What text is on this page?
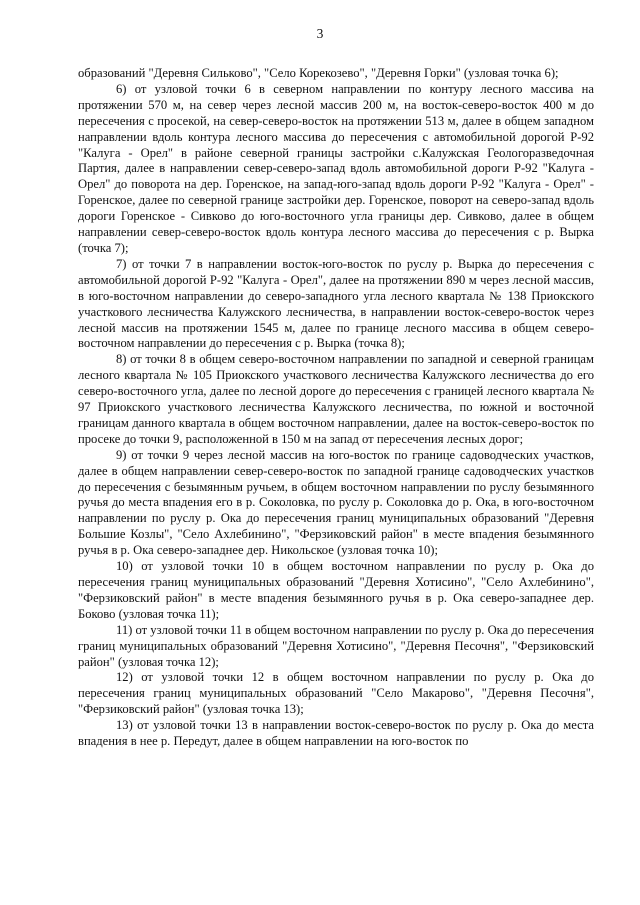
3

образований "Деревня Сильково", "Село Корекозево", "Деревня Горки" (узловая точка 6);

6) от узловой точки 6 в северном направлении по контуру лесного массива на протяжении 570 м, на север через лесной массив 200 м, на восток-северо-восток 400 м до пересечения с просекой, на север-северо-восток на протяжении 513 м, далее в общем западном направлении вдоль контура лесного массива до пересечения с автомобильной дорогой Р-92 "Калуга - Орел" в районе северной границы застройки с.Калужская Геологоразведочная Партия, далее в направлении север-северо-запад вдоль автомобильной дороги Р-92 "Калуга - Орел" до поворота на дер. Горенское, на запад-юго-запад вдоль дороги Р-92 "Калуга - Орел" - Горенское, далее по северной границе застройки дер. Горенское, поворот на северо-запад вдоль дороги Горенское - Сивково до юго-восточного угла границы дер. Сивково, далее в общем направлении север-северо-восток вдоль контура лесного массива до пересечения с р. Вырка (точка 7);

7) от точки 7 в направлении восток-юго-восток по руслу р. Вырка до пересечения с автомобильной дорогой Р-92 "Калуга - Орел", далее на протяжении 890 м через лесной массив, в юго-восточном направлении до северо-западного угла лесного квартала № 138 Приокского участкового лесничества Калужского лесничества, в направлении восток-северо-восток через лесной массив на протяжении 1545 м, далее по границе лесного массива в общем северо-восточном направлении до пересечения с р. Вырка (точка 8);

8) от точки 8 в общем северо-восточном направлении по западной и северной границам лесного квартала № 105 Приокского участкового лесничества Калужского лесничества до его северо-восточного угла, далее по лесной дороге до пересечения с границей лесного квартала № 97 Приокского участкового лесничества Калужского лесничества, по южной и восточной границам данного квартала в общем восточном направлении, далее на восток-северо-восток по просеке до точки 9, расположенной в 150 м на запад от пересечения лесных дорог;

9) от точки 9 через лесной массив на юго-восток по границе садоводческих участков, далее в общем направлении север-северо-восток по западной границе садоводческих участков до пересечения с безымянным ручьем, в общем восточном направлении по руслу безымянного ручья до места впадения его в р. Соколовка, по руслу р. Соколовка до р. Ока, в юго-восточном направлении по руслу р. Ока до пересечения границ муниципальных образований "Деревня Большие Козлы", "Село Ахлебинино", "Ферзиковский район" в месте впадения безымянного ручья в р. Ока северо-западнее дер. Никольское (узловая точка 10);

10) от узловой точки 10 в общем восточном направлении по руслу р. Ока до пересечения границ муниципальных образований "Деревня Хотисино", "Село Ахлебинино", "Ферзиковский район" в месте впадения безымянного ручья в р. Ока северо-западнее дер. Боково (узловая точка 11);

11) от узловой точки 11 в общем восточном направлении по руслу р. Ока до пересечения границ муниципальных образований "Деревня Хотисино", "Деревня Песочня", "Ферзиковский район" (узловая точка 12);

12) от узловой точки 12 в общем восточном направлении по руслу р. Ока до пересечения границ муниципальных образований "Село Макарово", "Деревня Песочня", "Ферзиковский район" (узловая точка 13);

13) от узловой точки 13 в направлении восток-северо-восток по руслу р. Ока до места впадения в нее р. Передут, далее в общем направлении на юго-восток по
